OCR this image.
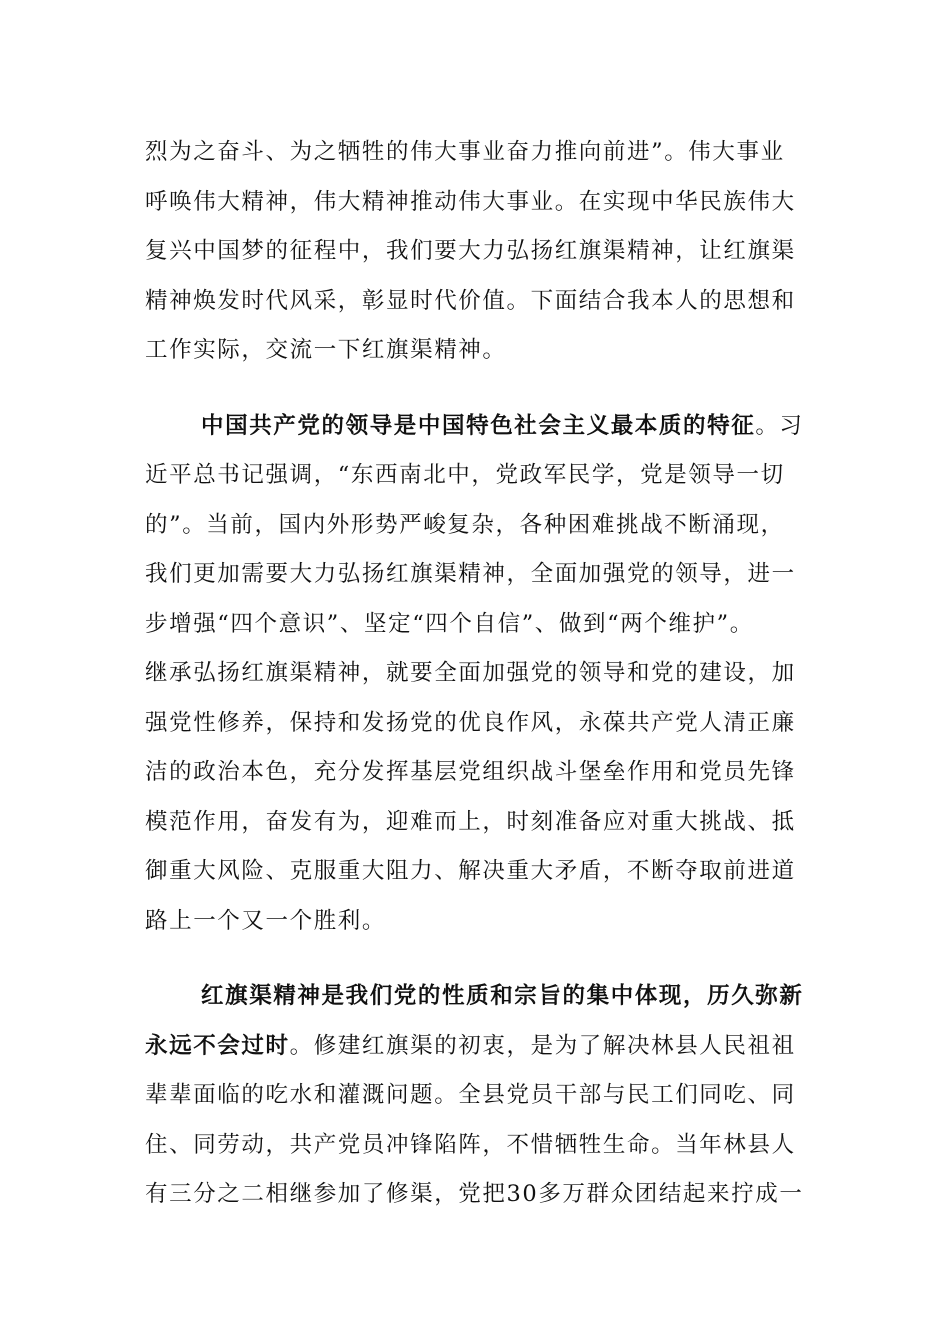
烈为之奋斗、为之牺牲的伟大事业奋力推向前进”。伟大事业
呼唤伟大精神，伟大精神推动伟大事业。在实现中华民族伟大
复兴中国梦的征程中，我们要大力弘扬红旗渠精神，让红旗渠
精神焕发时代风采，彰显时代价值。下面结合我本人的思想和
工作实际，交流一下红旗渠精神。
中国共产党的领导是中国特色社会主义最本质的特征。习
近平总书记强调，“东西南北中，党政军民学，党是领导一切
的”。当前，国内外形势严峻复杂，各种困难挑战不断涌现，
我们更加需要大力弘扬红旗渠精神，全面加强党的领导，进一
步增强“四个意识”、坚定“四个自信”、做到“两个维护”。
继承弘扬红旗渠精神，就要全面加强党的领导和党的建设，加
强党性修养，保持和发扬党的优良作风，永葆共产党人清正廉
洁的政治本色，充分发挥基层党组织战斗堡垒作用和党员先锋
模范作用，奋发有为，迎难而上，时刻准备应对重大挑战、抵
御重大风险、克服重大阻力、解决重大矛盾，不断夺取前进道
路上一个又一个胜利。
红旗渠精神是我们党的性质和宗旨的集中体现，历久弥新
永远不会过时。修建红旗渠的初衷，是为了解决林县人民祖祖
辈辈面临的吃水和灌溉问题。全县党员干部与民工们同吃、同
住、同劳动，共产党员冲锋陷阵，不惜牺牲生命。当年林县人
有三分之二相继参加了修渠，党把30多万群众团结起来拧成一
